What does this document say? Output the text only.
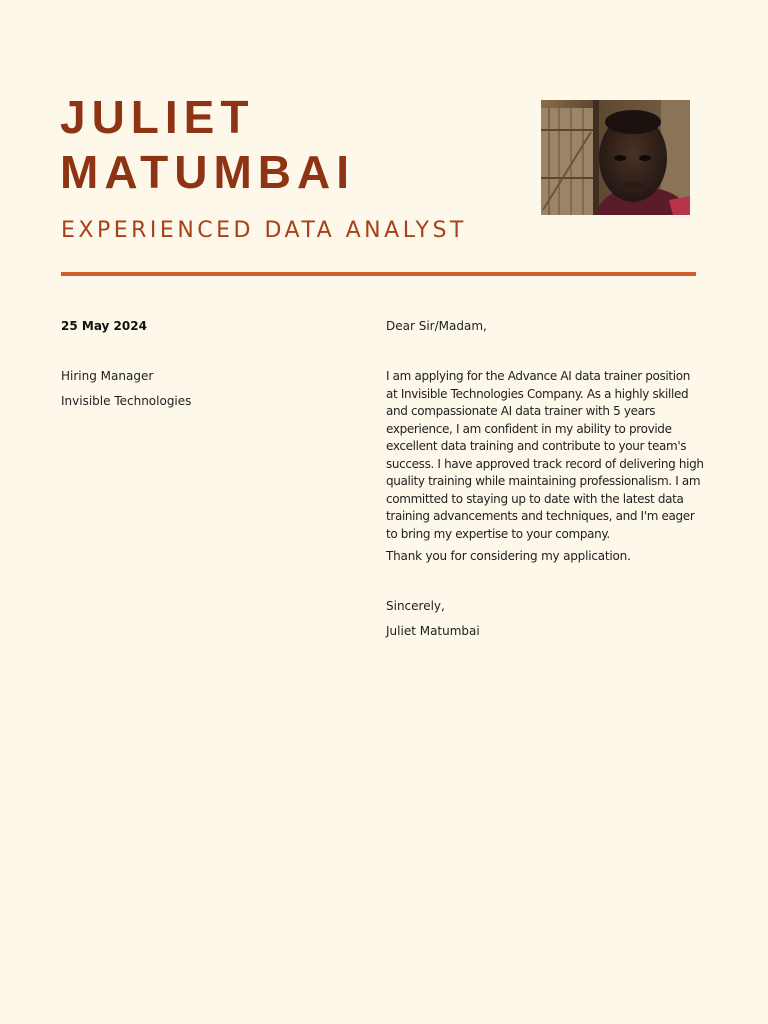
JULIET
MATUMBAI
EXPERIENCED DATA ANALYST

25 May 2024

Hiring Manager

Invisible Technologies

Dear Sir/Madam,

I am applying for the Advance AI data trainer position at Invisible Technologies Company. As a highly skilled and compassionate AI data trainer with 5 years experience, I am confident in my ability to provide excellent data training and contribute to your team's success. I have approved track record of delivering high quality training while maintaining professionalism. I am committed to staying up to date with the latest data training advancements and techniques, and I'm eager to bring my expertise to your company.

Thank you for considering my application.

Sincerely,

Juliet Matumbai
